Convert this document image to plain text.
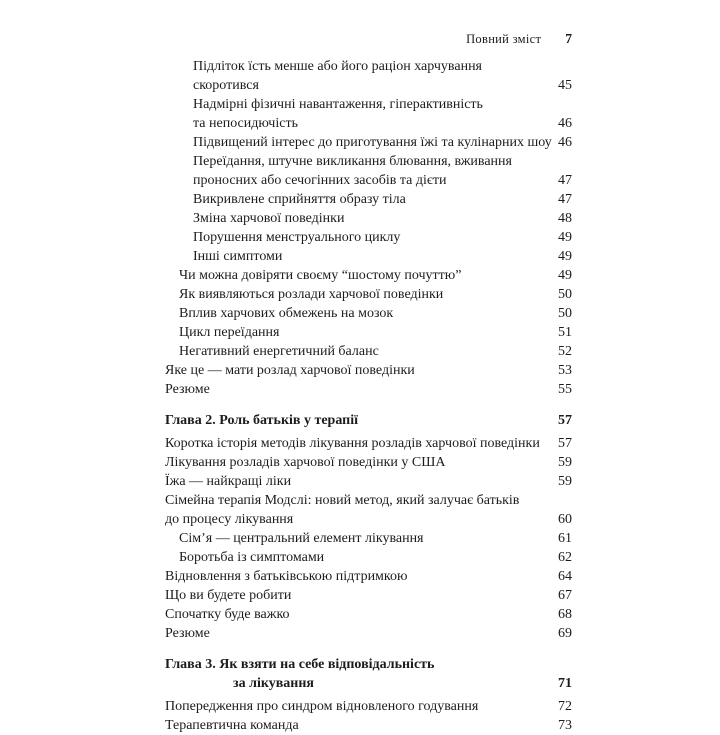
Повний зміст 7
Підліток їсть менше або його раціон харчування
скоротився	45
Надмірні фізичні навантаження, гіперактивність
та непосидючість	46
Підвищений інтерес до приготування їжі та кулінарних шоу 46
Переїдання, штучне викликання блювання, вживання
проносних або сечогінних засобів та дієти	47
Викривлене сприйняття образу тіла	47
Зміна харчової поведінки	48
Порушення менструального циклу	49
Інші симптоми	49
Чи можна довіряти своєму “шостому почуттю”	49
Як виявляються розлади харчової поведінки	50
Вплив харчових обмежень на мозок	50
Цикл переїдання	51
Негативний енергетичний баланс	52
Яке це — мати розлад харчової поведінки	53
Резюме	55
Глава 2. Роль батьків у терапії	57
Коротка історія методів лікування розладів харчової поведінки	57
Лікування розладів харчової поведінки у США	59
Їжа — найкращі ліки	59
Сімейна терапія Модслі: новий метод, який залучає батьків
до процесу лікування	60
Сім’я — центральний елемент лікування	61
Боротьба із симптомами	62
Відновлення з батьківською підтримкою	64
Що ви будете робити	67
Спочатку буде важко	68
Резюме	69
Глава 3. Як взяти на себе відповідальність
за лікування	71
Попередження про синдром відновленого годування	72
Терапевтична команда	73
